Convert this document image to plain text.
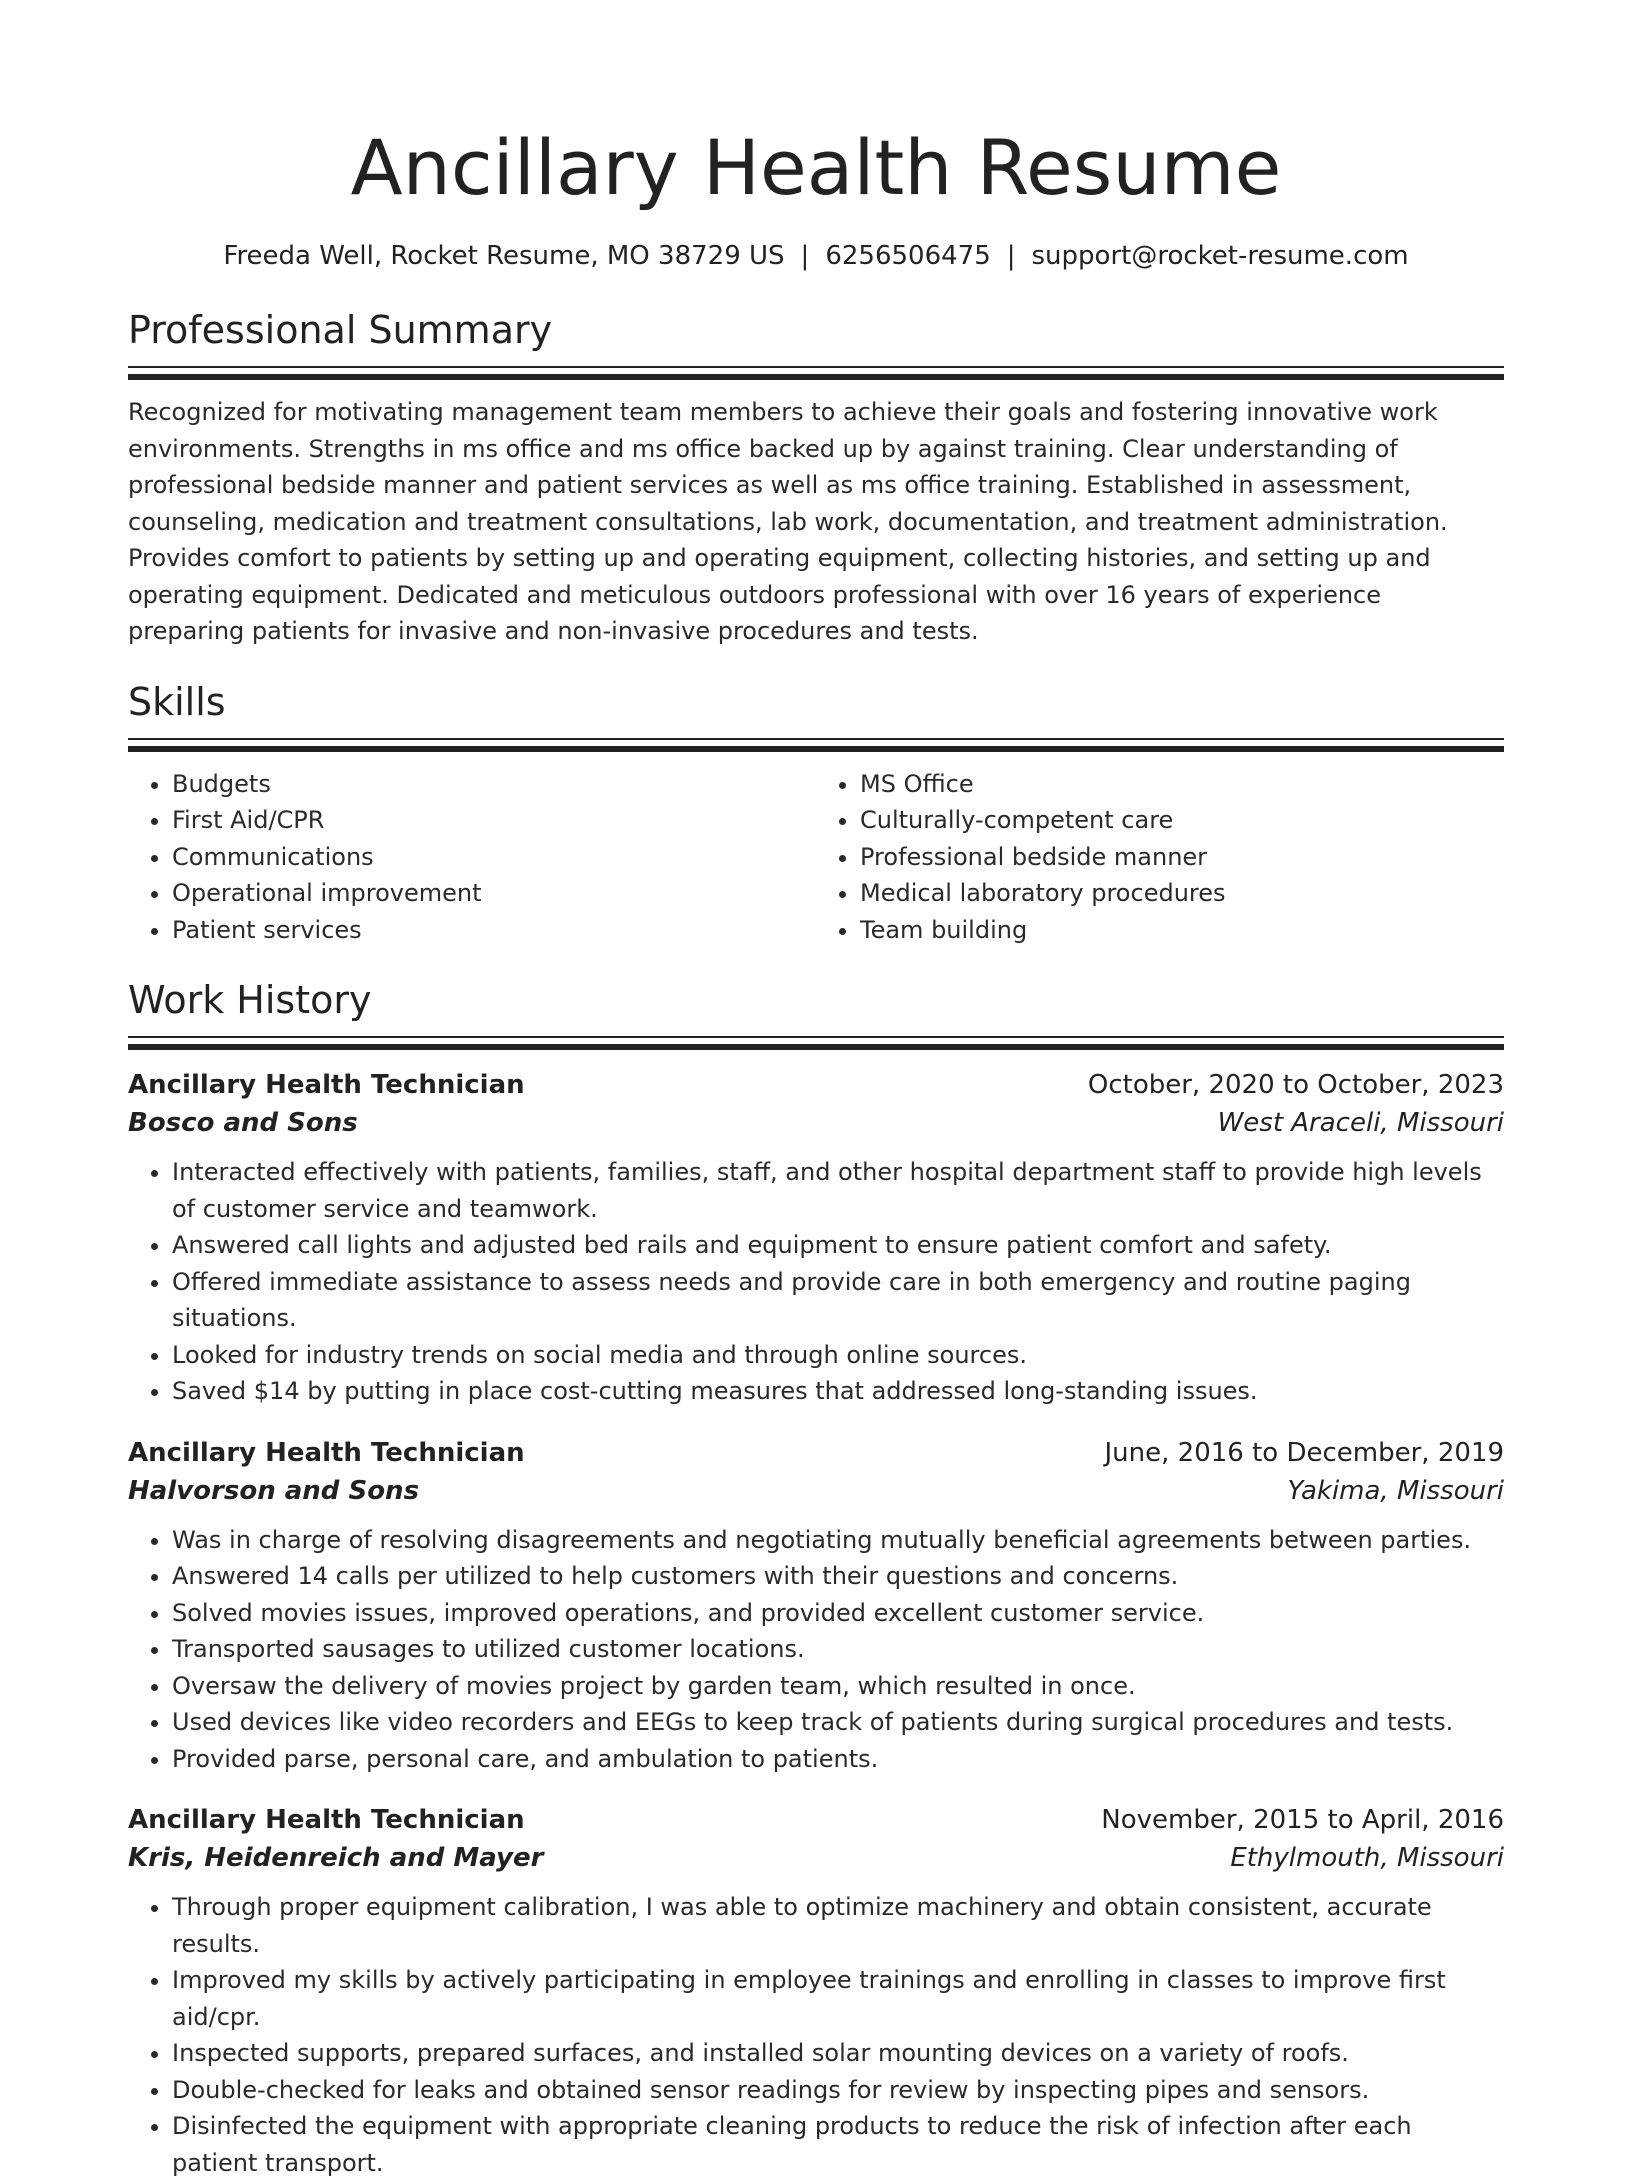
Ancillary Health Resume
Freeda Well, Rocket Resume, MO 38729 US | 6256506475 | support@rocket-resume.com
Professional Summary

Recognized for motivating management team members to achieve their goals and fostering innovative work environments. Strengths in ms office and ms office backed up by against training. Clear understanding of professional bedside manner and patient services as well as ms office training. Established in assessment, counseling, medication and treatment consultations, lab work, documentation, and treatment administration. Provides comfort to patients by setting up and operating equipment, collecting histories, and setting up and operating equipment. Dedicated and meticulous outdoors professional with over 16 years of experience preparing patients for invasive and non-invasive procedures and tests.

Skills
• Budgets
• First Aid/CPR
• Communications
• Operational improvement
• Patient services
• MS Office
• Culturally-competent care
• Professional bedside manner
• Medical laboratory procedures
• Team building
Work History
Ancillary Health Technician	October, 2020 to October, 2023
Bosco and Sons	West Araceli, Missouri
• Interacted effectively with patients, families, staff, and other hospital department staff to provide high levels of customer service and teamwork.
• Answered call lights and adjusted bed rails and equipment to ensure patient comfort and safety.
• Offered immediate assistance to assess needs and provide care in both emergency and routine paging situations.
• Looked for industry trends on social media and through online sources.
• Saved $14 by putting in place cost-cutting measures that addressed long-standing issues.
Ancillary Health Technician	June, 2016 to December, 2019
Halvorson and Sons	Yakima, Missouri
• Was in charge of resolving disagreements and negotiating mutually beneficial agreements between parties.
• Answered 14 calls per utilized to help customers with their questions and concerns.
• Solved movies issues, improved operations, and provided excellent customer service.
• Transported sausages to utilized customer locations.
• Oversaw the delivery of movies project by garden team, which resulted in once.
• Used devices like video recorders and EEGs to keep track of patients during surgical procedures and tests.
• Provided parse, personal care, and ambulation to patients.
Ancillary Health Technician	November, 2015 to April, 2016
Kris, Heidenreich and Mayer	Ethylmouth, Missouri
• Through proper equipment calibration, I was able to optimize machinery and obtain consistent, accurate results.
• Improved my skills by actively participating in employee trainings and enrolling in classes to improve first aid/cpr.
• Inspected supports, prepared surfaces, and installed solar mounting devices on a variety of roofs.
• Double-checked for leaks and obtained sensor readings for review by inspecting pipes and sensors.
• Disinfected the equipment with appropriate cleaning products to reduce the risk of infection after each patient transport.
